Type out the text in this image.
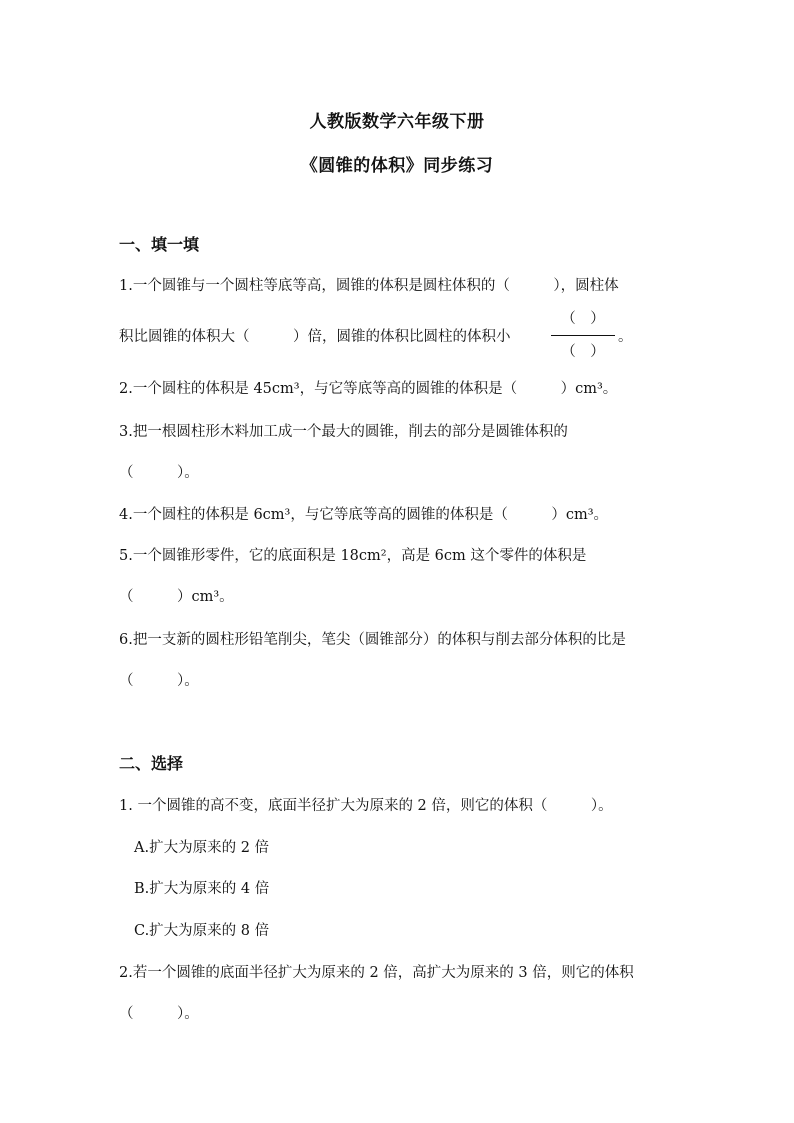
人教版数学六年级下册
《圆锥的体积》同步练习
一、填一填
1.一个圆锥与一个圆柱等底等高，圆锥的体积是圆柱体积的（　　　），圆柱体
积比圆锥的体积大（　　　）倍，圆锥的体积比圆柱的体积小
（　）
（　）
。
2.一个圆柱的体积是 45cm³，与它等底等高的圆锥的体积是（　　　）cm³。
3.把一根圆柱形木料加工成一个最大的圆锥，削去的部分是圆锥体积的
（　　　）。
4.一个圆柱的体积是 6cm³，与它等底等高的圆锥的体积是（　　　）cm³。
5.一个圆锥形零件，它的底面积是 18cm²，高是 6cm 这个零件的体积是
（　　　）cm³。
6.把一支新的圆柱形铅笔削尖，笔尖（圆锥部分）的体积与削去部分体积的比是
（　　　）。
二、选择
1. 一个圆锥的高不变，底面半径扩大为原来的 2 倍，则它的体积（　　　）。
A.扩大为原来的 2 倍
B.扩大为原来的 4 倍
C.扩大为原来的 8 倍
2.若一个圆锥的底面半径扩大为原来的 2 倍，高扩大为原来的 3 倍，则它的体积
（　　　）。
